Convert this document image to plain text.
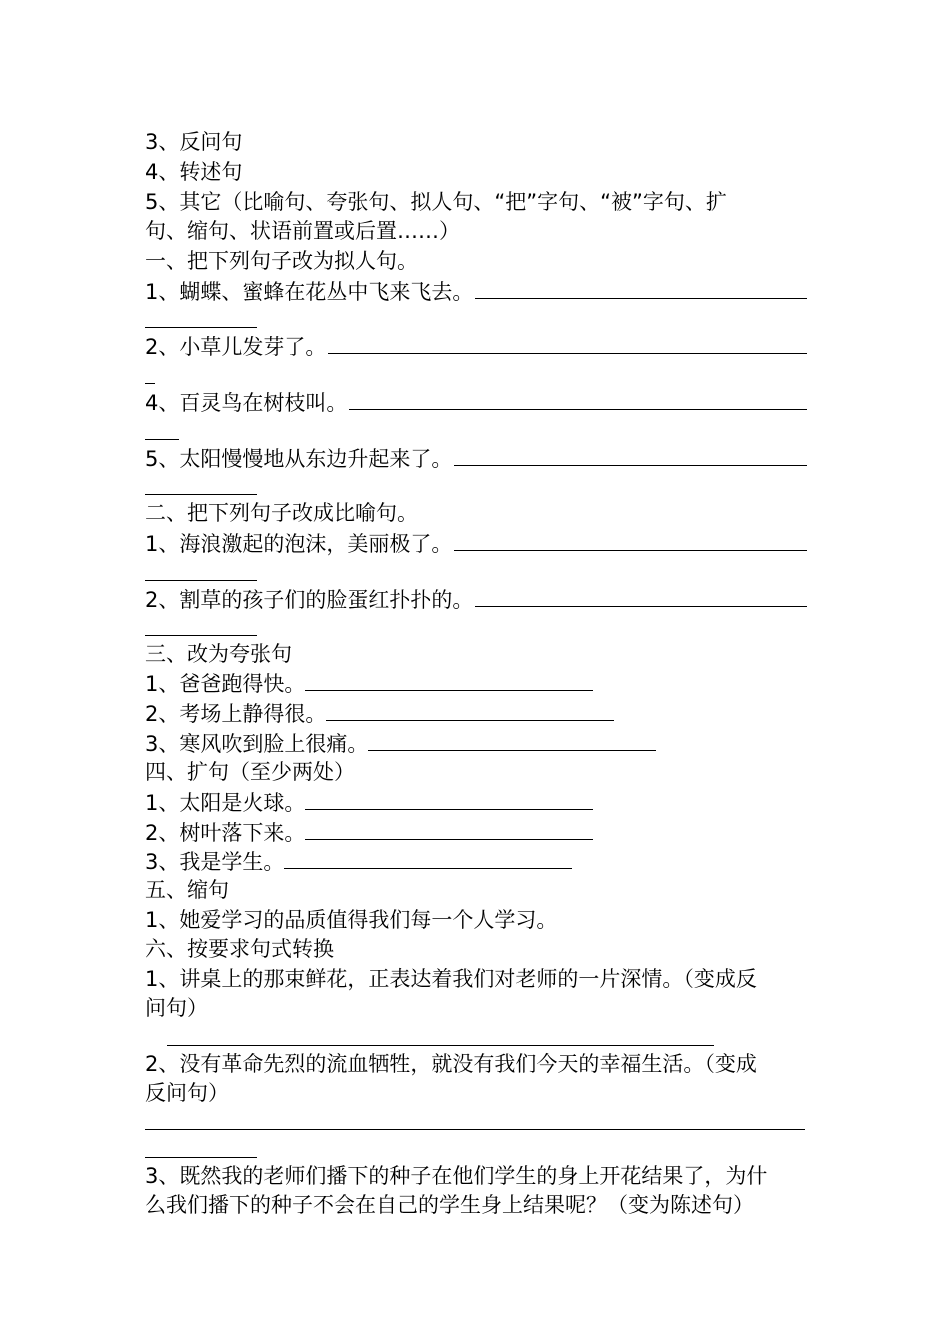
3、反问句
4、转述句
5、其它（比喻句、夸张句、拟人句、“把”字句、“被”字句、扩
句、缩句、状语前置或后置……）
一、把下列句子改为拟人句。
1、蝴蝶、蜜蜂在花丛中飞来飞去。
2、小草儿发芽了。
4、百灵鸟在树枝叫。
5、太阳慢慢地从东边升起来了。
二、把下列句子改成比喻句。
1、海浪激起的泡沫，美丽极了。
2、割草的孩子们的脸蛋红扑扑的。
三、改为夸张句
1、爸爸跑得快。
2、考场上静得很。
3、寒风吹到脸上很痛。
四、扩句（至少两处）
1、太阳是火球。
2、树叶落下来。
3、我是学生。
五、缩句
1、她爱学习的品质值得我们每一个人学习。
六、按要求句式转换
1、讲桌上的那束鲜花，正表达着我们对老师的一片深情。（变成反
问句）
2、没有革命先烈的流血牺牲，就没有我们今天的幸福生活。（变成
反问句）
3、既然我的老师们播下的种子在他们学生的身上开花结果了，为什
么我们播下的种子不会在自己的学生身上结果呢？（变为陈述句）
